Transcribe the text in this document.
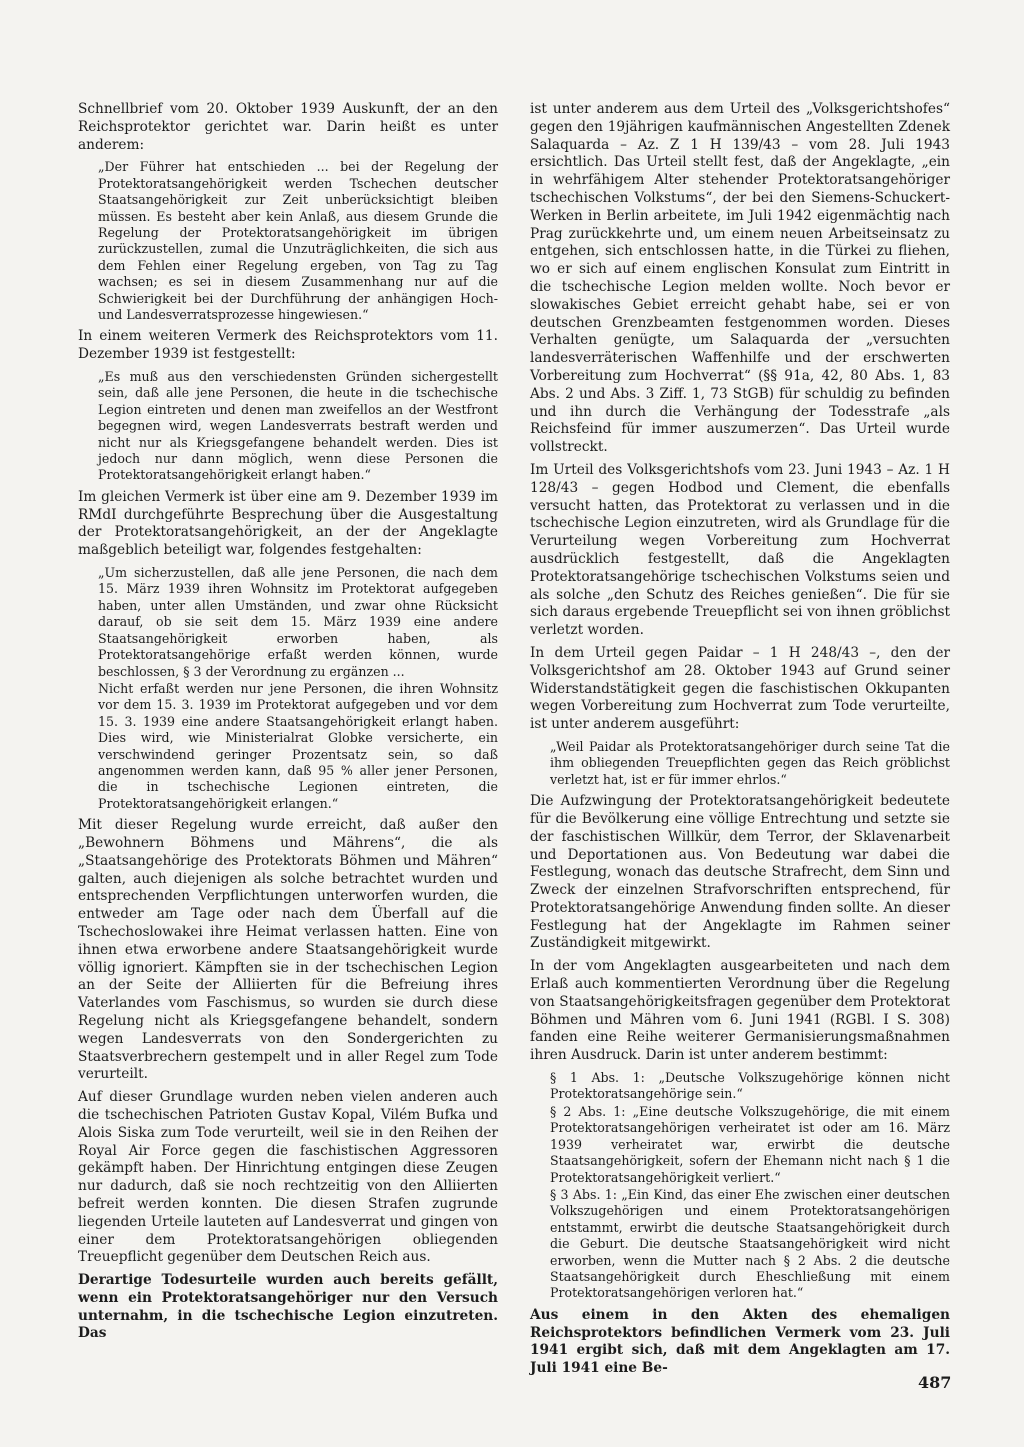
Schnellbrief vom 20. Oktober 1939 Auskunft, der an den Reichsprotektor gerichtet war. Darin heißt es unter anderem:

„Der Führer hat entschieden ... bei der Regelung der Protektoratsangehörigkeit werden Tschechen deutscher Staatsangehörigkeit zur Zeit unberücksichtigt bleiben müssen. Es besteht aber kein Anlaß, aus diesem Grunde die Regelung der Protektoratsangehörigkeit im übrigen zurückzustellen, zumal die Unzuträglichkeiten, die sich aus dem Fehlen einer Regelung ergeben, von Tag zu Tag wachsen; es sei in diesem Zusammenhang nur auf die Schwierigkeit bei der Durchführung der anhängigen Hoch- und Landesverratsprozesse hingewiesen.“

In einem weiteren Vermerk des Reichsprotektors vom 11. Dezember 1939 ist festgestellt:

„Es muß aus den verschiedensten Gründen sichergestellt sein, daß alle jene Personen, die heute in die tschechische Legion eintreten und denen man zweifellos an der Westfront begegnen wird, wegen Landesverrats bestraft werden und nicht nur als Kriegsgefangene behandelt werden. Dies ist jedoch nur dann möglich, wenn diese Personen die Protektoratsangehörigkeit erlangt haben.“

Im gleichen Vermerk ist über eine am 9. Dezember 1939 im RMdI durchgeführte Besprechung über die Ausgestaltung der Protektoratsangehörigkeit, an der der Angeklagte maßgeblich beteiligt war, folgendes festgehalten:

„Um sicherzustellen, daß alle jene Personen, die nach dem 15. März 1939 ihren Wohnsitz im Protektorat aufgegeben haben, unter allen Umständen, und zwar ohne Rücksicht darauf, ob sie seit dem 15. März 1939 eine andere Staatsangehörigkeit erworben haben, als Protektoratsangehörige erfaßt werden können, wurde beschlossen, § 3 der Verordnung zu ergänzen ...

Nicht erfaßt werden nur jene Personen, die ihren Wohnsitz vor dem 15. 3. 1939 im Protektorat aufgegeben und vor dem 15. 3. 1939 eine andere Staatsangehörigkeit erlangt haben. Dies wird, wie Ministerialrat Globke versicherte, ein verschwindend geringer Prozentsatz sein, so daß angenommen werden kann, daß 95 % aller jener Personen, die in tschechische Legionen eintreten, die Protektoratsangehörigkeit erlangen.“

Mit dieser Regelung wurde erreicht, daß außer den „Bewohnern Böhmens und Mährens“, die als „Staatsangehörige des Protektorats Böhmen und Mähren“ galten, auch diejenigen als solche betrachtet wurden und entsprechenden Verpflichtungen unterworfen wurden, die entweder am Tage oder nach dem Überfall auf die Tschechoslowakei ihre Heimat verlassen hatten. Eine von ihnen etwa erworbene andere Staatsangehörigkeit wurde völlig ignoriert. Kämpften sie in der tschechischen Legion an der Seite der Alliierten für die Befreiung ihres Vaterlandes vom Faschismus, so wurden sie durch diese Regelung nicht als Kriegsgefangene behandelt, sondern wegen Landesverrats von den Sondergerichten zu Staatsverbrechern gestempelt und in aller Regel zum Tode verurteilt.

Auf dieser Grundlage wurden neben vielen anderen auch die tschechischen Patrioten Gustav Kopal, Vilém Bufka und Alois Siska zum Tode verurteilt, weil sie in den Reihen der Royal Air Force gegen die faschistischen Aggressoren gekämpft haben. Der Hinrichtung entgingen diese Zeugen nur dadurch, daß sie noch rechtzeitig von den Alliierten befreit werden konnten. Die diesen Strafen zugrunde liegenden Urteile lauteten auf Landesverrat und gingen von einer dem Protektoratsangehörigen obliegenden Treuepflicht gegenüber dem Deutschen Reich aus.

Derartige Todesurteile wurden auch bereits gefällt, wenn ein Protektoratsangehöriger nur den Versuch unternahm, in die tschechische Legion einzutreten. Das

ist unter anderem aus dem Urteil des „Volksgerichtshofes“ gegen den 19jährigen kaufmännischen Angestellten Zdenek Salaquarda – Az. Z 1 H 139/43 – vom 28. Juli 1943 ersichtlich. Das Urteil stellt fest, daß der Angeklagte, „ein in wehrfähigem Alter stehender Protektoratsangehöriger tschechischen Volkstums“, der bei den Siemens-Schuckert-Werken in Berlin arbeitete, im Juli 1942 eigenmächtig nach Prag zurückkehrte und, um einem neuen Arbeitseinsatz zu entgehen, sich entschlossen hatte, in die Türkei zu fliehen, wo er sich auf einem englischen Konsulat zum Eintritt in die tschechische Legion melden wollte. Noch bevor er slowakisches Gebiet erreicht gehabt habe, sei er von deutschen Grenzbeamten festgenommen worden. Dieses Verhalten genügte, um Salaquarda der „versuchten landesverräterischen Waffenhilfe und der erschwerten Vorbereitung zum Hochverrat“ (§§ 91a, 42, 80 Abs. 1, 83 Abs. 2 und Abs. 3 Ziff. 1, 73 StGB) für schuldig zu befinden und ihn durch die Verhängung der Todesstrafe „als Reichsfeind für immer auszumerzen“. Das Urteil wurde vollstreckt.

Im Urteil des Volksgerichtshofs vom 23. Juni 1943 – Az. 1 H 128/43 – gegen Hodbod und Clement, die ebenfalls versucht hatten, das Protektorat zu verlassen und in die tschechische Legion einzutreten, wird als Grundlage für die Verurteilung wegen Vorbereitung zum Hochverrat ausdrücklich festgestellt, daß die Angeklagten Protektoratsangehörige tschechischen Volkstums seien und als solche „den Schutz des Reiches genießen“. Die für sie sich daraus ergebende Treuepflicht sei von ihnen gröblichst verletzt worden.

In dem Urteil gegen Paidar – 1 H 248/43 –, den der Volksgerichtshof am 28. Oktober 1943 auf Grund seiner Widerstandstätigkeit gegen die faschistischen Okkupanten wegen Vorbereitung zum Hochverrat zum Tode verurteilte, ist unter anderem ausgeführt:

„Weil Paidar als Protektoratsangehöriger durch seine Tat die ihm obliegenden Treuepflichten gegen das Reich gröblichst verletzt hat, ist er für immer ehrlos.“

Die Aufzwingung der Protektoratsangehörigkeit bedeutete für die Bevölkerung eine völlige Entrechtung und setzte sie der faschistischen Willkür, dem Terror, der Sklavenarbeit und Deportationen aus. Von Bedeutung war dabei die Festlegung, wonach das deutsche Strafrecht, dem Sinn und Zweck der einzelnen Strafvorschriften entsprechend, für Protektoratsangehörige Anwendung finden sollte. An dieser Festlegung hat der Angeklagte im Rahmen seiner Zuständigkeit mitgewirkt.

In der vom Angeklagten ausgearbeiteten und nach dem Erlaß auch kommentierten Verordnung über die Regelung von Staatsangehörigkeitsfragen gegenüber dem Protektorat Böhmen und Mähren vom 6. Juni 1941 (RGBl. I S. 308) fanden eine Reihe weiterer Germanisierungsmaßnahmen ihren Ausdruck. Darin ist unter anderem bestimmt:

§ 1 Abs. 1: „Deutsche Volkszugehörige können nicht Protektoratsangehörige sein.“

§ 2 Abs. 1: „Eine deutsche Volkszugehörige, die mit einem Protektoratsangehörigen verheiratet ist oder am 16. März 1939 verheiratet war, erwirbt die deutsche Staatsangehörigkeit, sofern der Ehemann nicht nach § 1 die Protektoratsangehörigkeit verliert.“

§ 3 Abs. 1: „Ein Kind, das einer Ehe zwischen einer deutschen Volkszugehörigen und einem Protektoratsangehörigen entstammt, erwirbt die deutsche Staatsangehörigkeit durch die Geburt. Die deutsche Staatsangehörigkeit wird nicht erworben, wenn die Mutter nach § 2 Abs. 2 die deutsche Staatsangehörigkeit durch Eheschließung mit einem Protektoratsangehörigen verloren hat.“

Aus einem in den Akten des ehemaligen Reichsprotektors befindlichen Vermerk vom 23. Juli 1941 ergibt sich, daß mit dem Angeklagten am 17. Juli 1941 eine Be-

487
